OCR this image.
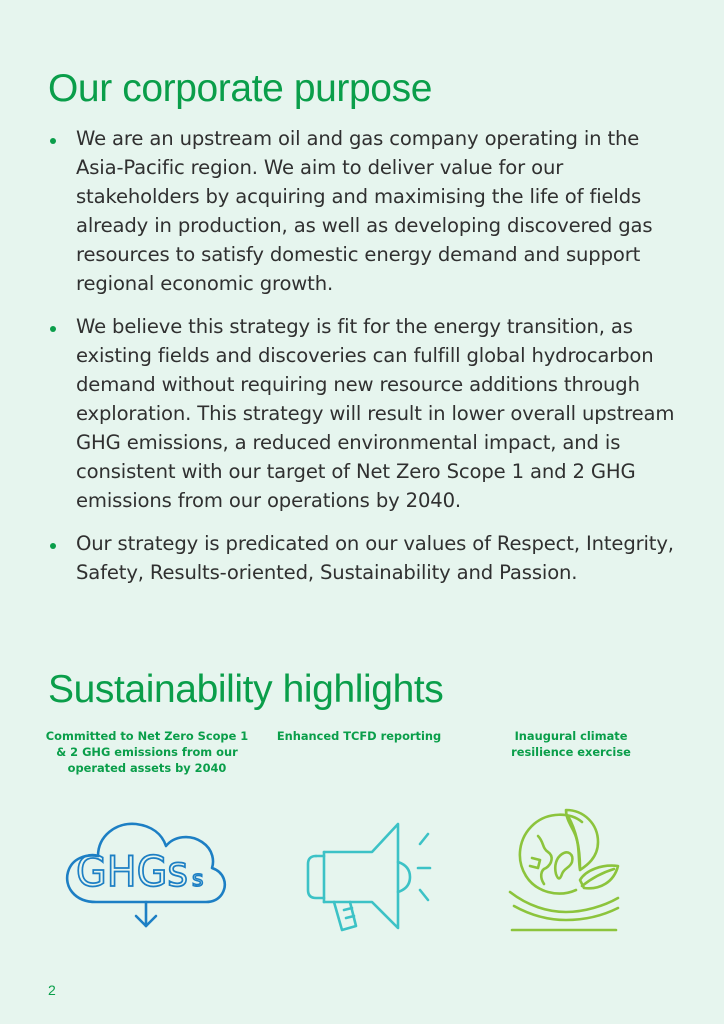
Our corporate purpose
We are an upstream oil and gas company operating in the Asia-Pacific region. We aim to deliver value for our stakeholders by acquiring and maximising the life of fields already in production, as well as developing discovered gas resources to satisfy domestic energy demand and support regional economic growth.
We believe this strategy is fit for the energy transition, as existing fields and discoveries can fulfill global hydrocarbon demand without requiring new resource additions through exploration. This strategy will result in lower overall upstream GHG emissions, a reduced environmental impact, and is consistent with our target of Net Zero Scope 1 and 2 GHG emissions from our operations by 2040.
Our strategy is predicated on our values of Respect, Integrity, Safety, Results-oriented, Sustainability and Passion.
Sustainability highlights
Committed to Net Zero Scope 1 & 2 GHG emissions from our operated assets by 2040
GHGs s
Enhanced TCFD reporting	Inaugural climate resilience exercise
2
